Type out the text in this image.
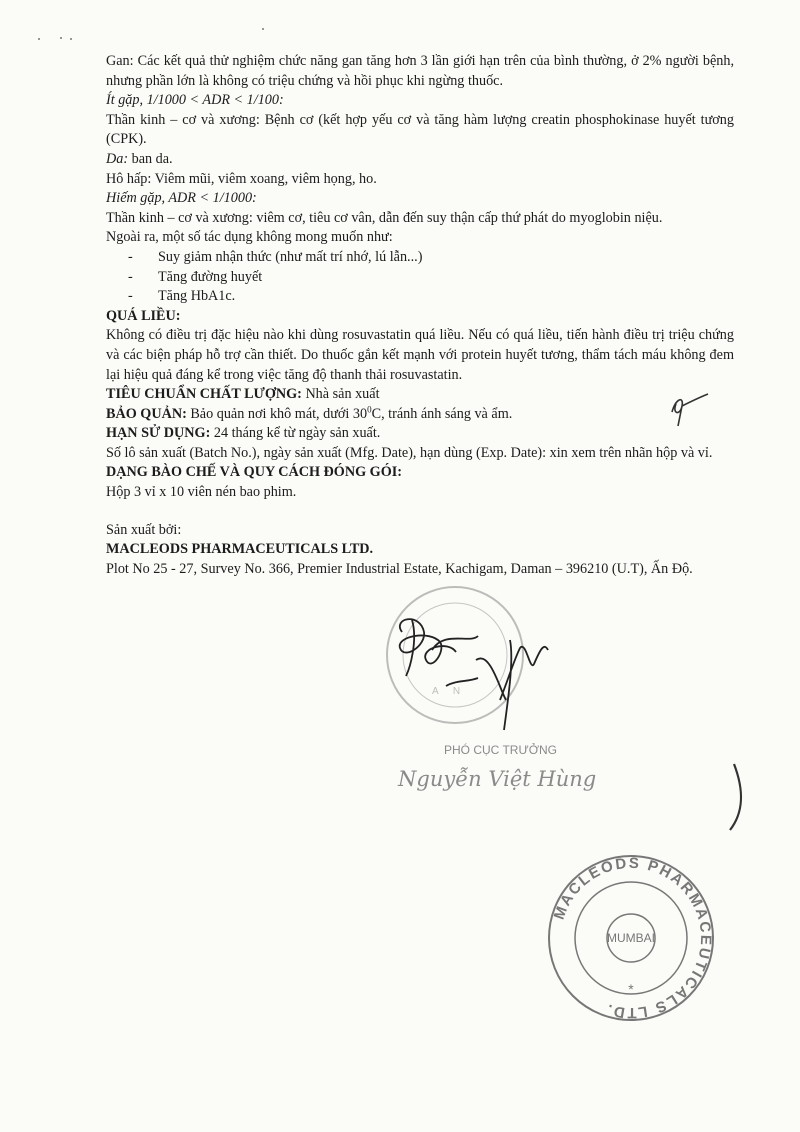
Gan: Các kết quả thử nghiệm chức năng gan tăng hơn 3 lần giới hạn trên của bình thường, ở 2% người bệnh, nhưng phần lớn là không có triệu chứng và hồi phục khi ngừng thuốc.

Ít gặp, 1/1000 < ADR < 1/100:

Thần kinh – cơ và xương: Bệnh cơ (kết hợp yếu cơ và tăng hàm lượng creatin phosphokinase huyết tương (CPK).

Da: ban da.

Hô hấp: Viêm mũi, viêm xoang, viêm họng, ho.

Hiếm gặp, ADR < 1/1000:

Thần kinh – cơ và xương: viêm cơ, tiêu cơ vân, dẫn đến suy thận cấp thứ phát do myoglobin niệu.

Ngoài ra, một số tác dụng không mong muốn như:

- Suy giảm nhận thức (như mất trí nhớ, lú lẫn...)
- Tăng đường huyết
- Tăng HbA1c.

QUÁ LIỀU:

Không có điều trị đặc hiệu nào khi dùng rosuvastatin quá liều. Nếu có quá liều, tiến hành điều trị triệu chứng và các biện pháp hỗ trợ cần thiết. Do thuốc gắn kết mạnh với protein huyết tương, thẩm tách máu không đem lại hiệu quả đáng kể trong việc tăng độ thanh thải rosuvastatin.

TIÊU CHUẨN CHẤT LƯỢNG: Nhà sản xuất

BẢO QUẢN: Bảo quản nơi khô mát, dưới $30^0C$, tránh ánh sáng và ẩm.

HẠN SỬ DỤNG: 24 tháng kể từ ngày sản xuất.

Số lô sản xuất (Batch No.), ngày sản xuất (Mfg. Date), hạn dùng (Exp. Date): xin xem trên nhãn hộp và vỉ.

DẠNG BÀO CHẾ VÀ QUY CÁCH ĐÓNG GÓI:

Hộp 3 vỉ x 10 viên nén bao phim.

Sản xuất bởi:

MACLEODS PHARMACEUTICALS LTD.

Plot No 25 - 27, Survey No. 366, Premier Industrial Estate, Kachigam, Daman – 396210 (U.T), Ấn Độ.

A N
PHÓ CỤC TRƯỞNG
Nguyễn Việt Hùng
MACLEODS PHARMACEUTICALS LTD.
MUMBAI
*
